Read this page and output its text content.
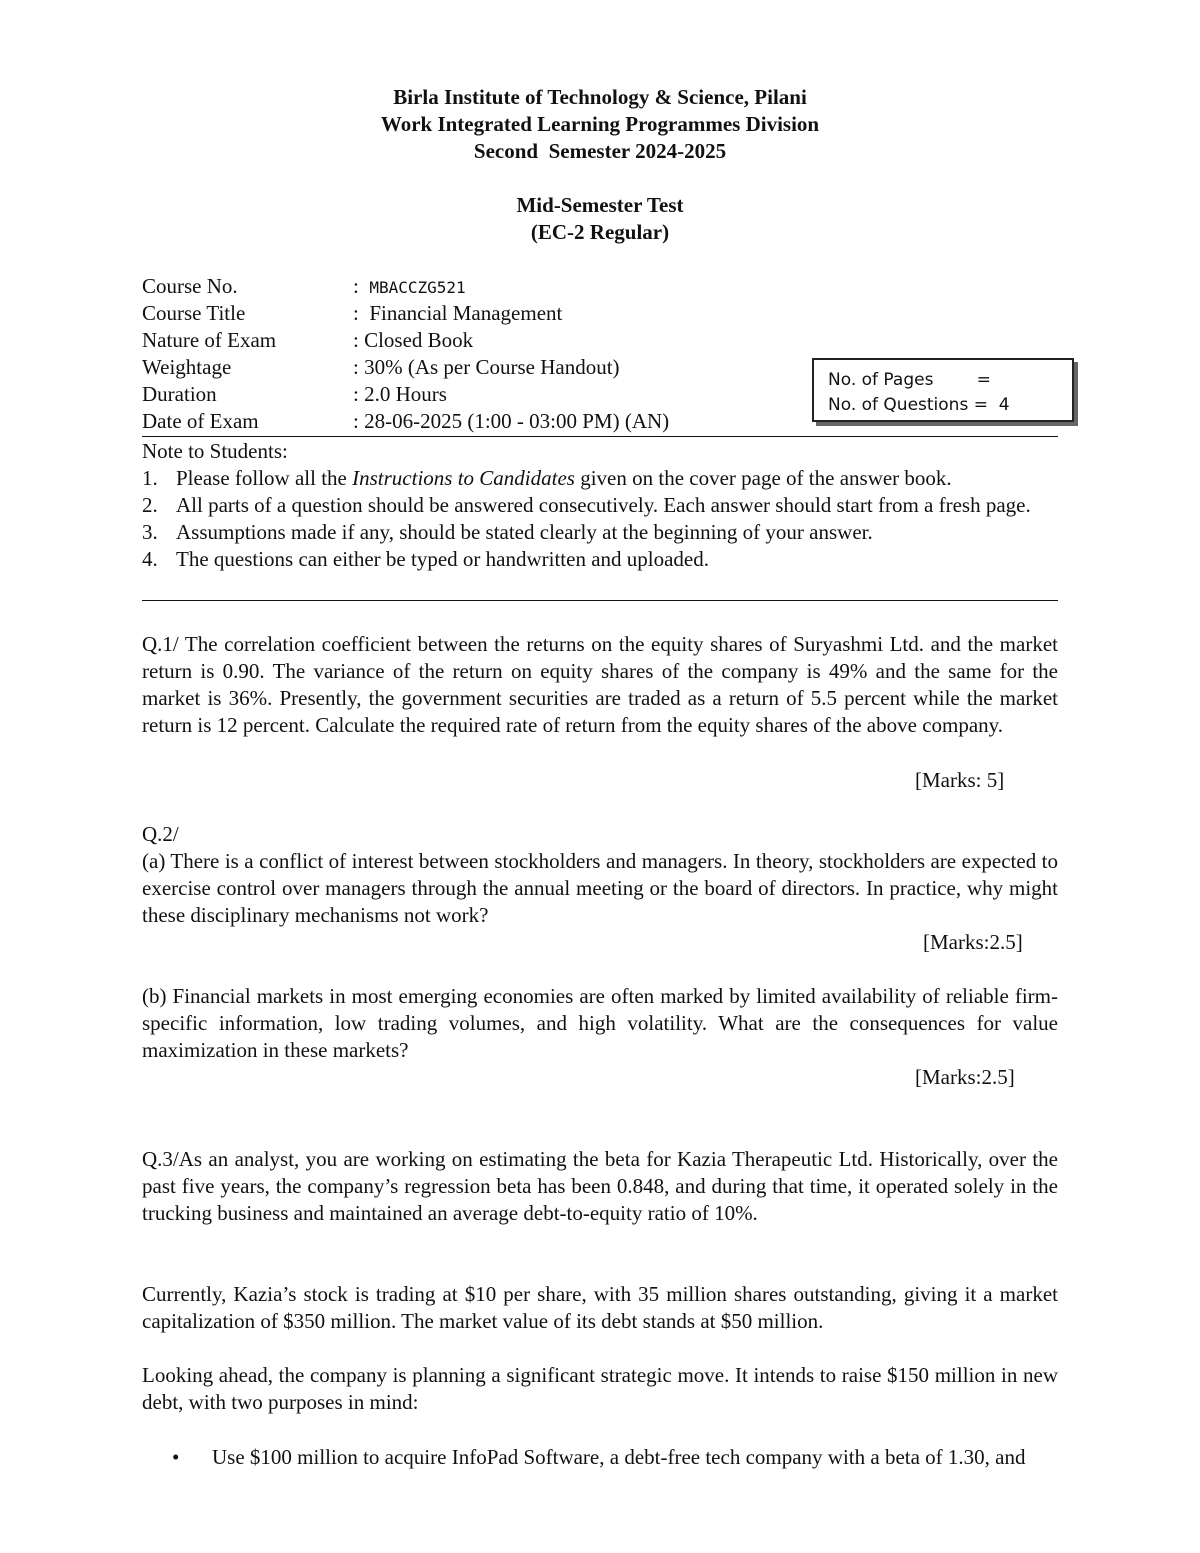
Birla Institute of Technology & Science, Pilani
Work Integrated Learning Programmes Division
Second  Semester 2024-2025
Mid-Semester Test
(EC-2 Regular)
Course No.	: MBACCZG521
Course Title	: Financial Management
Nature of Exam	: Closed Book
Weightage	: 30% (As per Course Handout)
Duration	: 2.0 Hours
Date of Exam	: 28-06-2025 (1:00 - 03:00 PM) (AN)
No. of Pages        =
No. of Questions =  4
Note to Students:
1. Please follow all the Instructions to Candidates given on the cover page of the answer book.
2. All parts of a question should be answered consecutively. Each answer should start from a fresh page.
3. Assumptions made if any, should be stated clearly at the beginning of your answer.
4. The questions can either be typed or handwritten and uploaded.
Q.1/ The correlation coefficient between the returns on the equity shares of Suryashmi Ltd. and the market return is 0.90. The variance of the return on equity shares of the company is 49% and the same for the market is 36%. Presently, the government securities are traded as a return of 5.5 percent while the market return is 12 percent. Calculate the required rate of return from the equity shares of the above company.
[Marks: 5]
Q.2/
(a) There is a conflict of interest between stockholders and managers. In theory, stockholders are expected to exercise control over managers through the annual meeting or the board of directors. In practice, why might these disciplinary mechanisms not work?
[Marks:2.5]
(b) Financial markets in most emerging economies are often marked by limited availability of reliable firm-specific information, low trading volumes, and high volatility. What are the consequences for value maximization in these markets?
[Marks:2.5]
Q.3/As an analyst, you are working on estimating the beta for Kazia Therapeutic Ltd. Historically, over the past five years, the company’s regression beta has been 0.848, and during that time, it operated solely in the trucking business and maintained an average debt-to-equity ratio of 10%.
Currently, Kazia’s stock is trading at $10 per share, with 35 million shares outstanding, giving it a market capitalization of $350 million. The market value of its debt stands at $50 million.
Looking ahead, the company is planning a significant strategic move. It intends to raise $150 million in new debt, with two purposes in mind:
•	Use $100 million to acquire InfoPad Software, a debt-free tech company with a beta of 1.30, and
